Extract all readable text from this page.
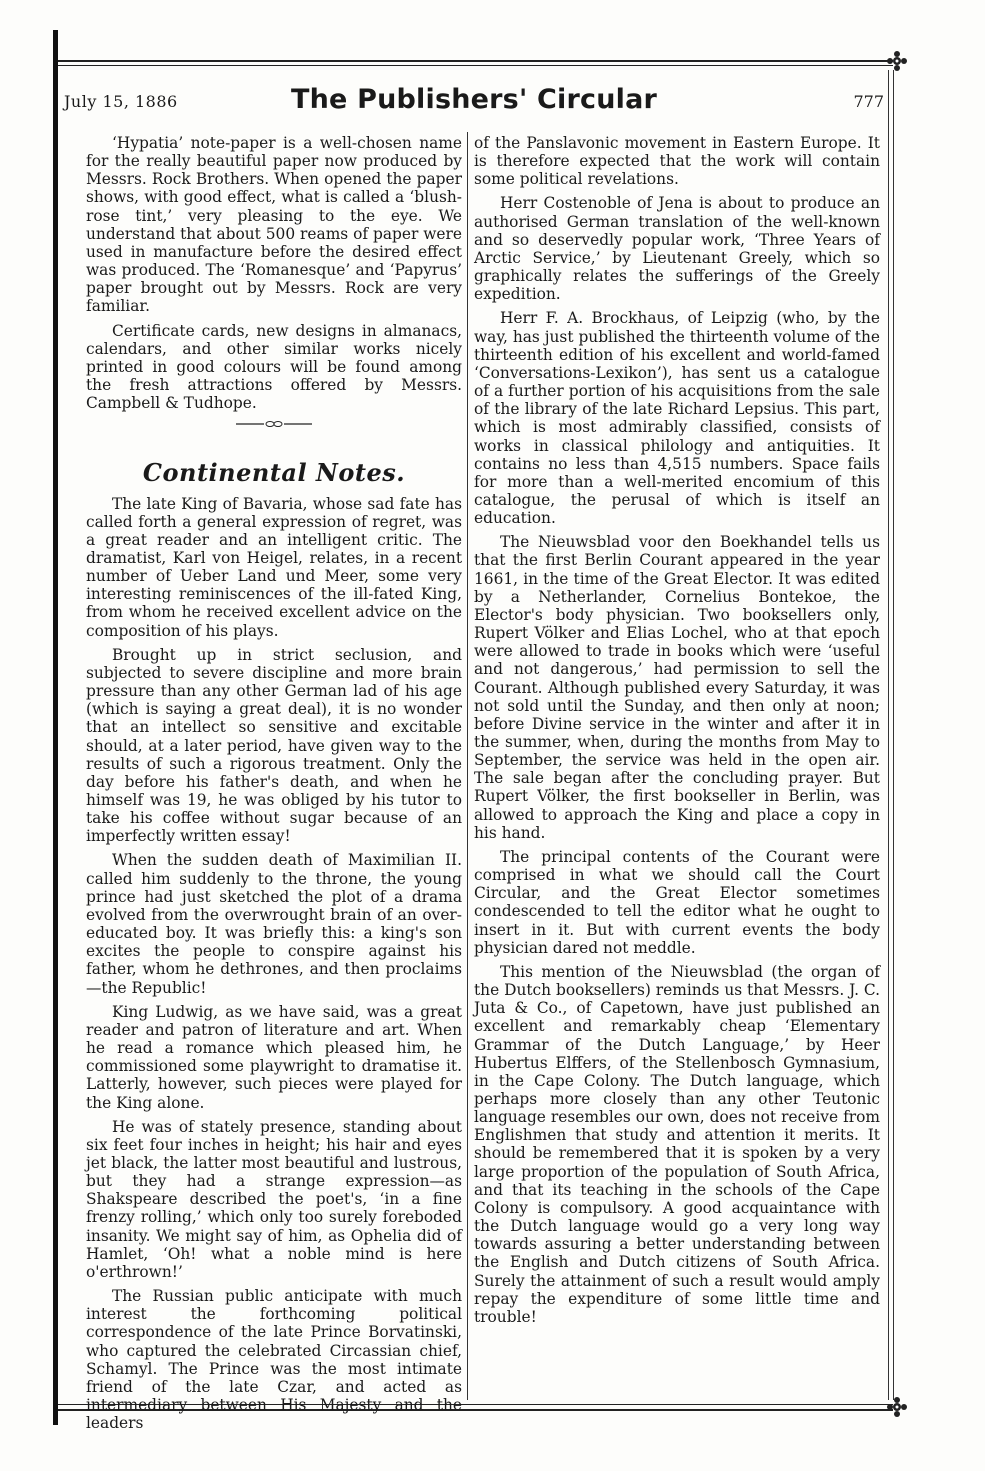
July 15, 1886	The Publishers' Circular	777

‘Hypatia’ note-paper is a well-chosen name for the really beautiful paper now produced by Messrs. Rock Brothers. When opened the paper shows, with good effect, what is called a ‘blush-rose tint,’ very pleasing to the eye. We understand that about 500 reams of paper were used in manufacture before the desired effect was produced. The ‘Romanesque’ and ‘Papyrus’ paper brought out by Messrs. Rock are very familiar.

Certificate cards, new designs in almanacs, calendars, and other similar works nicely printed in good colours will be found among the fresh attractions offered by Messrs. Campbell & Tudhope.

Continental Notes.

The late King of Bavaria, whose sad fate has called forth a general expression of regret, was a great reader and an intelligent critic. The dramatist, Karl von Heigel, relates, in a recent number of Ueber Land und Meer, some very interesting reminiscences of the ill-fated King, from whom he received excellent advice on the composition of his plays.

Brought up in strict seclusion, and subjected to severe discipline and more brain pressure than any other German lad of his age (which is saying a great deal), it is no wonder that an intellect so sensitive and excitable should, at a later period, have given way to the results of such a rigorous treatment. Only the day before his father's death, and when he himself was 19, he was obliged by his tutor to take his coffee without sugar because of an imperfectly written essay!

When the sudden death of Maximilian II. called him suddenly to the throne, the young prince had just sketched the plot of a drama evolved from the overwrought brain of an over-educated boy. It was briefly this: a king's son excites the people to conspire against his father, whom he dethrones, and then proclaims—the Republic!

King Ludwig, as we have said, was a great reader and patron of literature and art. When he read a romance which pleased him, he commissioned some playwright to dramatise it. Latterly, however, such pieces were played for the King alone.

He was of stately presence, standing about six feet four inches in height; his hair and eyes jet black, the latter most beautiful and lustrous, but they had a strange expression—as Shakspeare described the poet's, ‘in a fine frenzy rolling,’ which only too surely foreboded insanity. We might say of him, as Ophelia did of Hamlet, ‘Oh! what a noble mind is here o'erthrown!’

The Russian public anticipate with much interest the forthcoming political correspondence of the late Prince Borvatinski, who captured the celebrated Circassian chief, Schamyl. The Prince was the most intimate friend of the late Czar, and acted as intermediary between His Majesty and the leaders

of the Panslavonic movement in Eastern Europe. It is therefore expected that the work will contain some political revelations.

Herr Costenoble of Jena is about to produce an authorised German translation of the well-known and so deservedly popular work, ‘Three Years of Arctic Service,’ by Lieutenant Greely, which so graphically relates the sufferings of the Greely expedition.

Herr F. A. Brockhaus, of Leipzig (who, by the way, has just published the thirteenth volume of the thirteenth edition of his excellent and world-famed ‘Conversations-Lexikon’), has sent us a catalogue of a further portion of his acquisitions from the sale of the library of the late Richard Lepsius. This part, which is most admirably classified, consists of works in classical philology and antiquities. It contains no less than 4,515 numbers. Space fails for more than a well-merited encomium of this catalogue, the perusal of which is itself an education.

The Nieuwsblad voor den Boekhandel tells us that the first Berlin Courant appeared in the year 1661, in the time of the Great Elector. It was edited by a Netherlander, Cornelius Bontekoe, the Elector's body physician. Two booksellers only, Rupert Völker and Elias Lochel, who at that epoch were allowed to trade in books which were ‘useful and not dangerous,’ had permission to sell the Courant. Although published every Saturday, it was not sold until the Sunday, and then only at noon; before Divine service in the winter and after it in the summer, when, during the months from May to September, the service was held in the open air. The sale began after the concluding prayer. But Rupert Völker, the first bookseller in Berlin, was allowed to approach the King and place a copy in his hand.

The principal contents of the Courant were comprised in what we should call the Court Circular, and the Great Elector sometimes condescended to tell the editor what he ought to insert in it. But with current events the body physician dared not meddle.

This mention of the Nieuwsblad (the organ of the Dutch booksellers) reminds us that Messrs. J. C. Juta & Co., of Capetown, have just published an excellent and remarkably cheap ‘Elementary Grammar of the Dutch Language,’ by Heer Hubertus Elffers, of the Stellenbosch Gymnasium, in the Cape Colony. The Dutch language, which perhaps more closely than any other Teutonic language resembles our own, does not receive from Englishmen that study and attention it merits. It should be remembered that it is spoken by a very large proportion of the population of South Africa, and that its teaching in the schools of the Cape Colony is compulsory. A good acquaintance with the Dutch language would go a very long way towards assuring a better understanding between the English and Dutch citizens of South Africa. Surely the attainment of such a result would amply repay the expenditure of some little time and trouble!
